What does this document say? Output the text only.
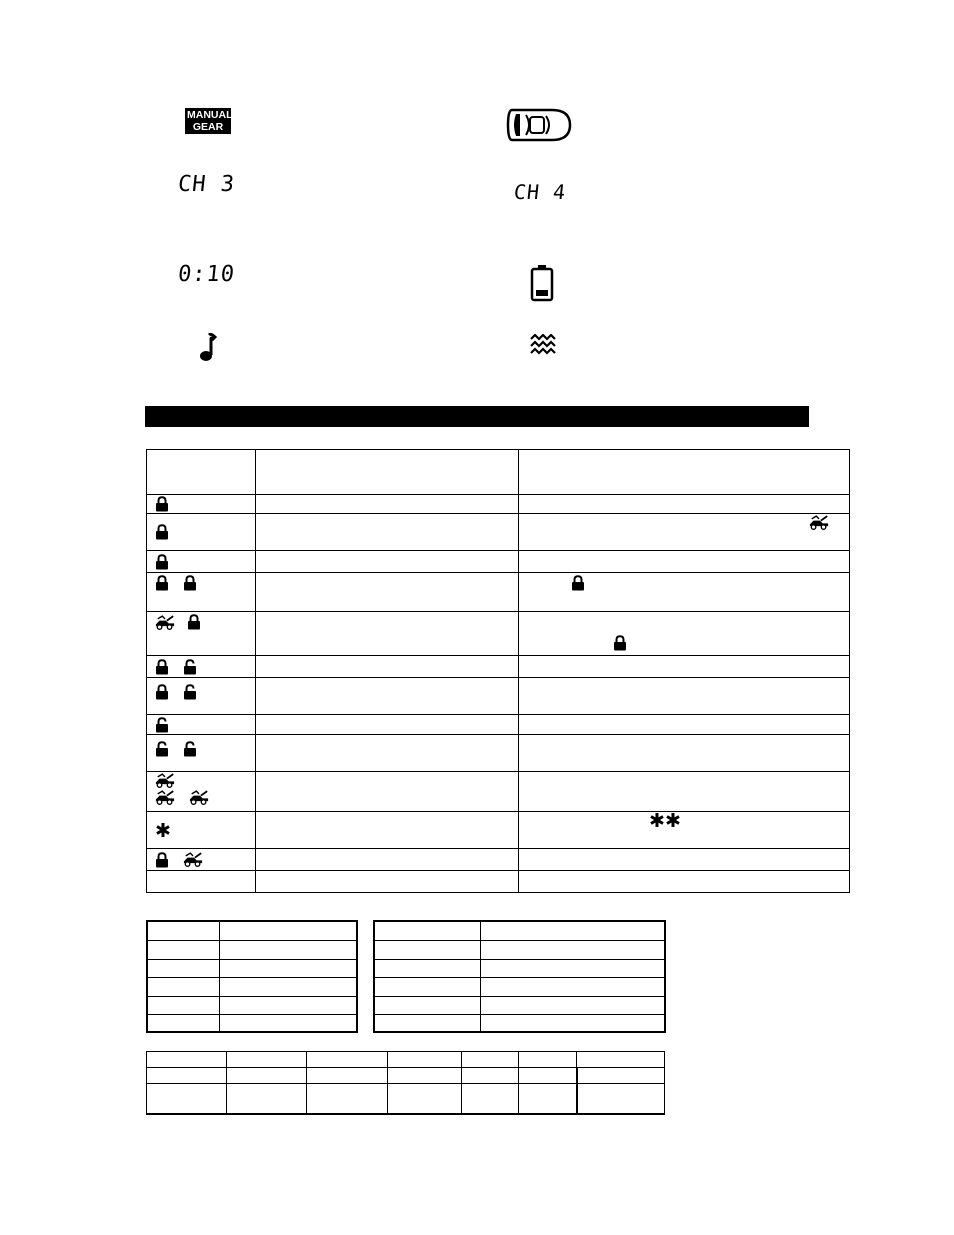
MANUAL
GEAR
CH 3	CH 4
0:10
